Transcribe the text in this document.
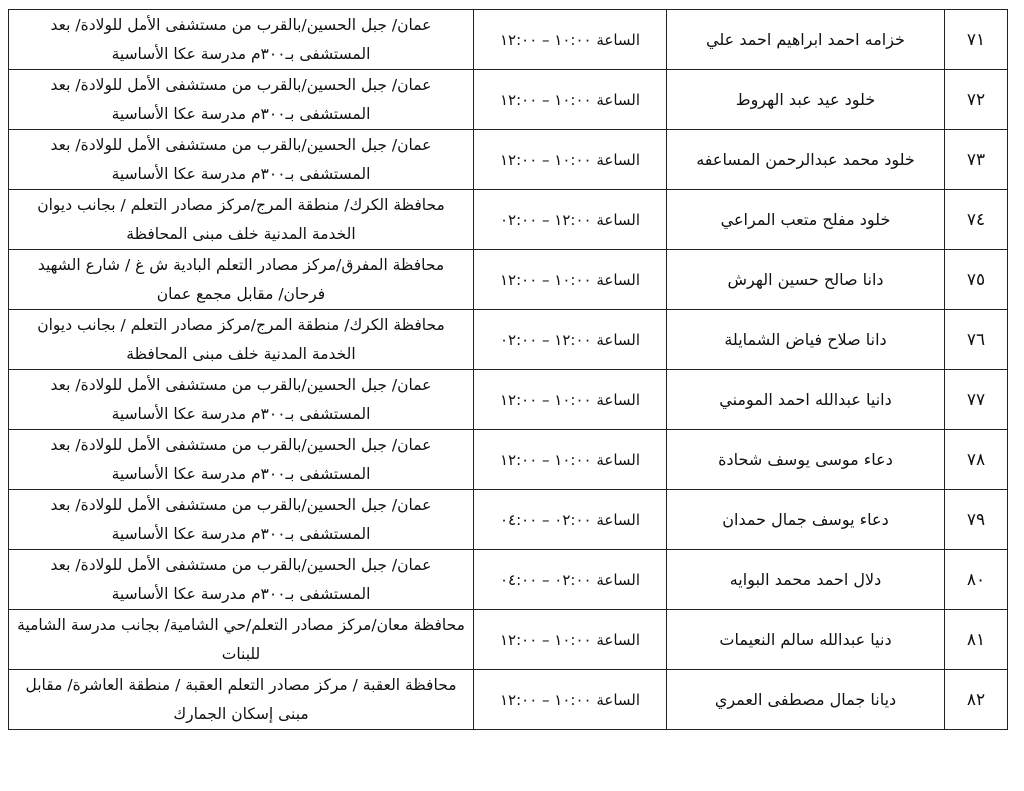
٧١	خزامه احمد ابراهيم احمد علي	الساعة ١٠:٠٠ – ١٢:٠٠	عمان/ جبل الحسين/بالقرب من مستشفى الأمل للولادة/ بعد المستشفى بـ٣٠٠م مدرسة عكا الأساسية
٧٢	خلود عيد عبد الهروط	الساعة ١٠:٠٠ – ١٢:٠٠	عمان/ جبل الحسين/بالقرب من مستشفى الأمل للولادة/ بعد المستشفى بـ٣٠٠م مدرسة عكا الأساسية
٧٣	خلود محمد عبدالرحمن المساعفه	الساعة ١٠:٠٠ – ١٢:٠٠	عمان/ جبل الحسين/بالقرب من مستشفى الأمل للولادة/ بعد المستشفى بـ٣٠٠م مدرسة عكا الأساسية
٧٤	خلود مفلح متعب المراعي	الساعة ١٢:٠٠ – ٠٢:٠٠	محافظة الكرك/ منطقة المرج/مركز مصادر التعلم / بجانب ديوان الخدمة المدنية خلف مبنى المحافظة
٧٥	دانا صالح حسين الهرش	الساعة ١٠:٠٠ – ١٢:٠٠	محافظة المفرق/مركز مصادر التعلم البادية ش غ / شارع الشهيد فرحان/ مقابل مجمع عمان
٧٦	دانا صلاح فياض الشمايلة	الساعة ١٢:٠٠ – ٠٢:٠٠	محافظة الكرك/ منطقة المرج/مركز مصادر التعلم / بجانب ديوان الخدمة المدنية خلف مبنى المحافظة
٧٧	دانيا عبدالله احمد المومني	الساعة ١٠:٠٠ – ١٢:٠٠	عمان/ جبل الحسين/بالقرب من مستشفى الأمل للولادة/ بعد المستشفى بـ٣٠٠م مدرسة عكا الأساسية
٧٨	دعاء موسى يوسف شحادة	الساعة ١٠:٠٠ – ١٢:٠٠	عمان/ جبل الحسين/بالقرب من مستشفى الأمل للولادة/ بعد المستشفى بـ٣٠٠م مدرسة عكا الأساسية
٧٩	دعاء يوسف جمال حمدان	الساعة ٠٢:٠٠ – ٠٤:٠٠	عمان/ جبل الحسين/بالقرب من مستشفى الأمل للولادة/ بعد المستشفى بـ٣٠٠م مدرسة عكا الأساسية
٨٠	دلال احمد محمد البوايه	الساعة ٠٢:٠٠ – ٠٤:٠٠	عمان/ جبل الحسين/بالقرب من مستشفى الأمل للولادة/ بعد المستشفى بـ٣٠٠م مدرسة عكا الأساسية
٨١	دنيا عبدالله سالم النعيمات	الساعة ١٠:٠٠ – ١٢:٠٠	محافظة معان/مركز مصادر التعلم/حي الشامية/ بجانب مدرسة الشامية للبنات
٨٢	ديانا جمال مصطفى العمري	الساعة ١٠:٠٠ – ١٢:٠٠	محافظة العقبة / مركز مصادر التعلم العقبة / منطقة العاشرة/ مقابل مبنى إسكان الجمارك
